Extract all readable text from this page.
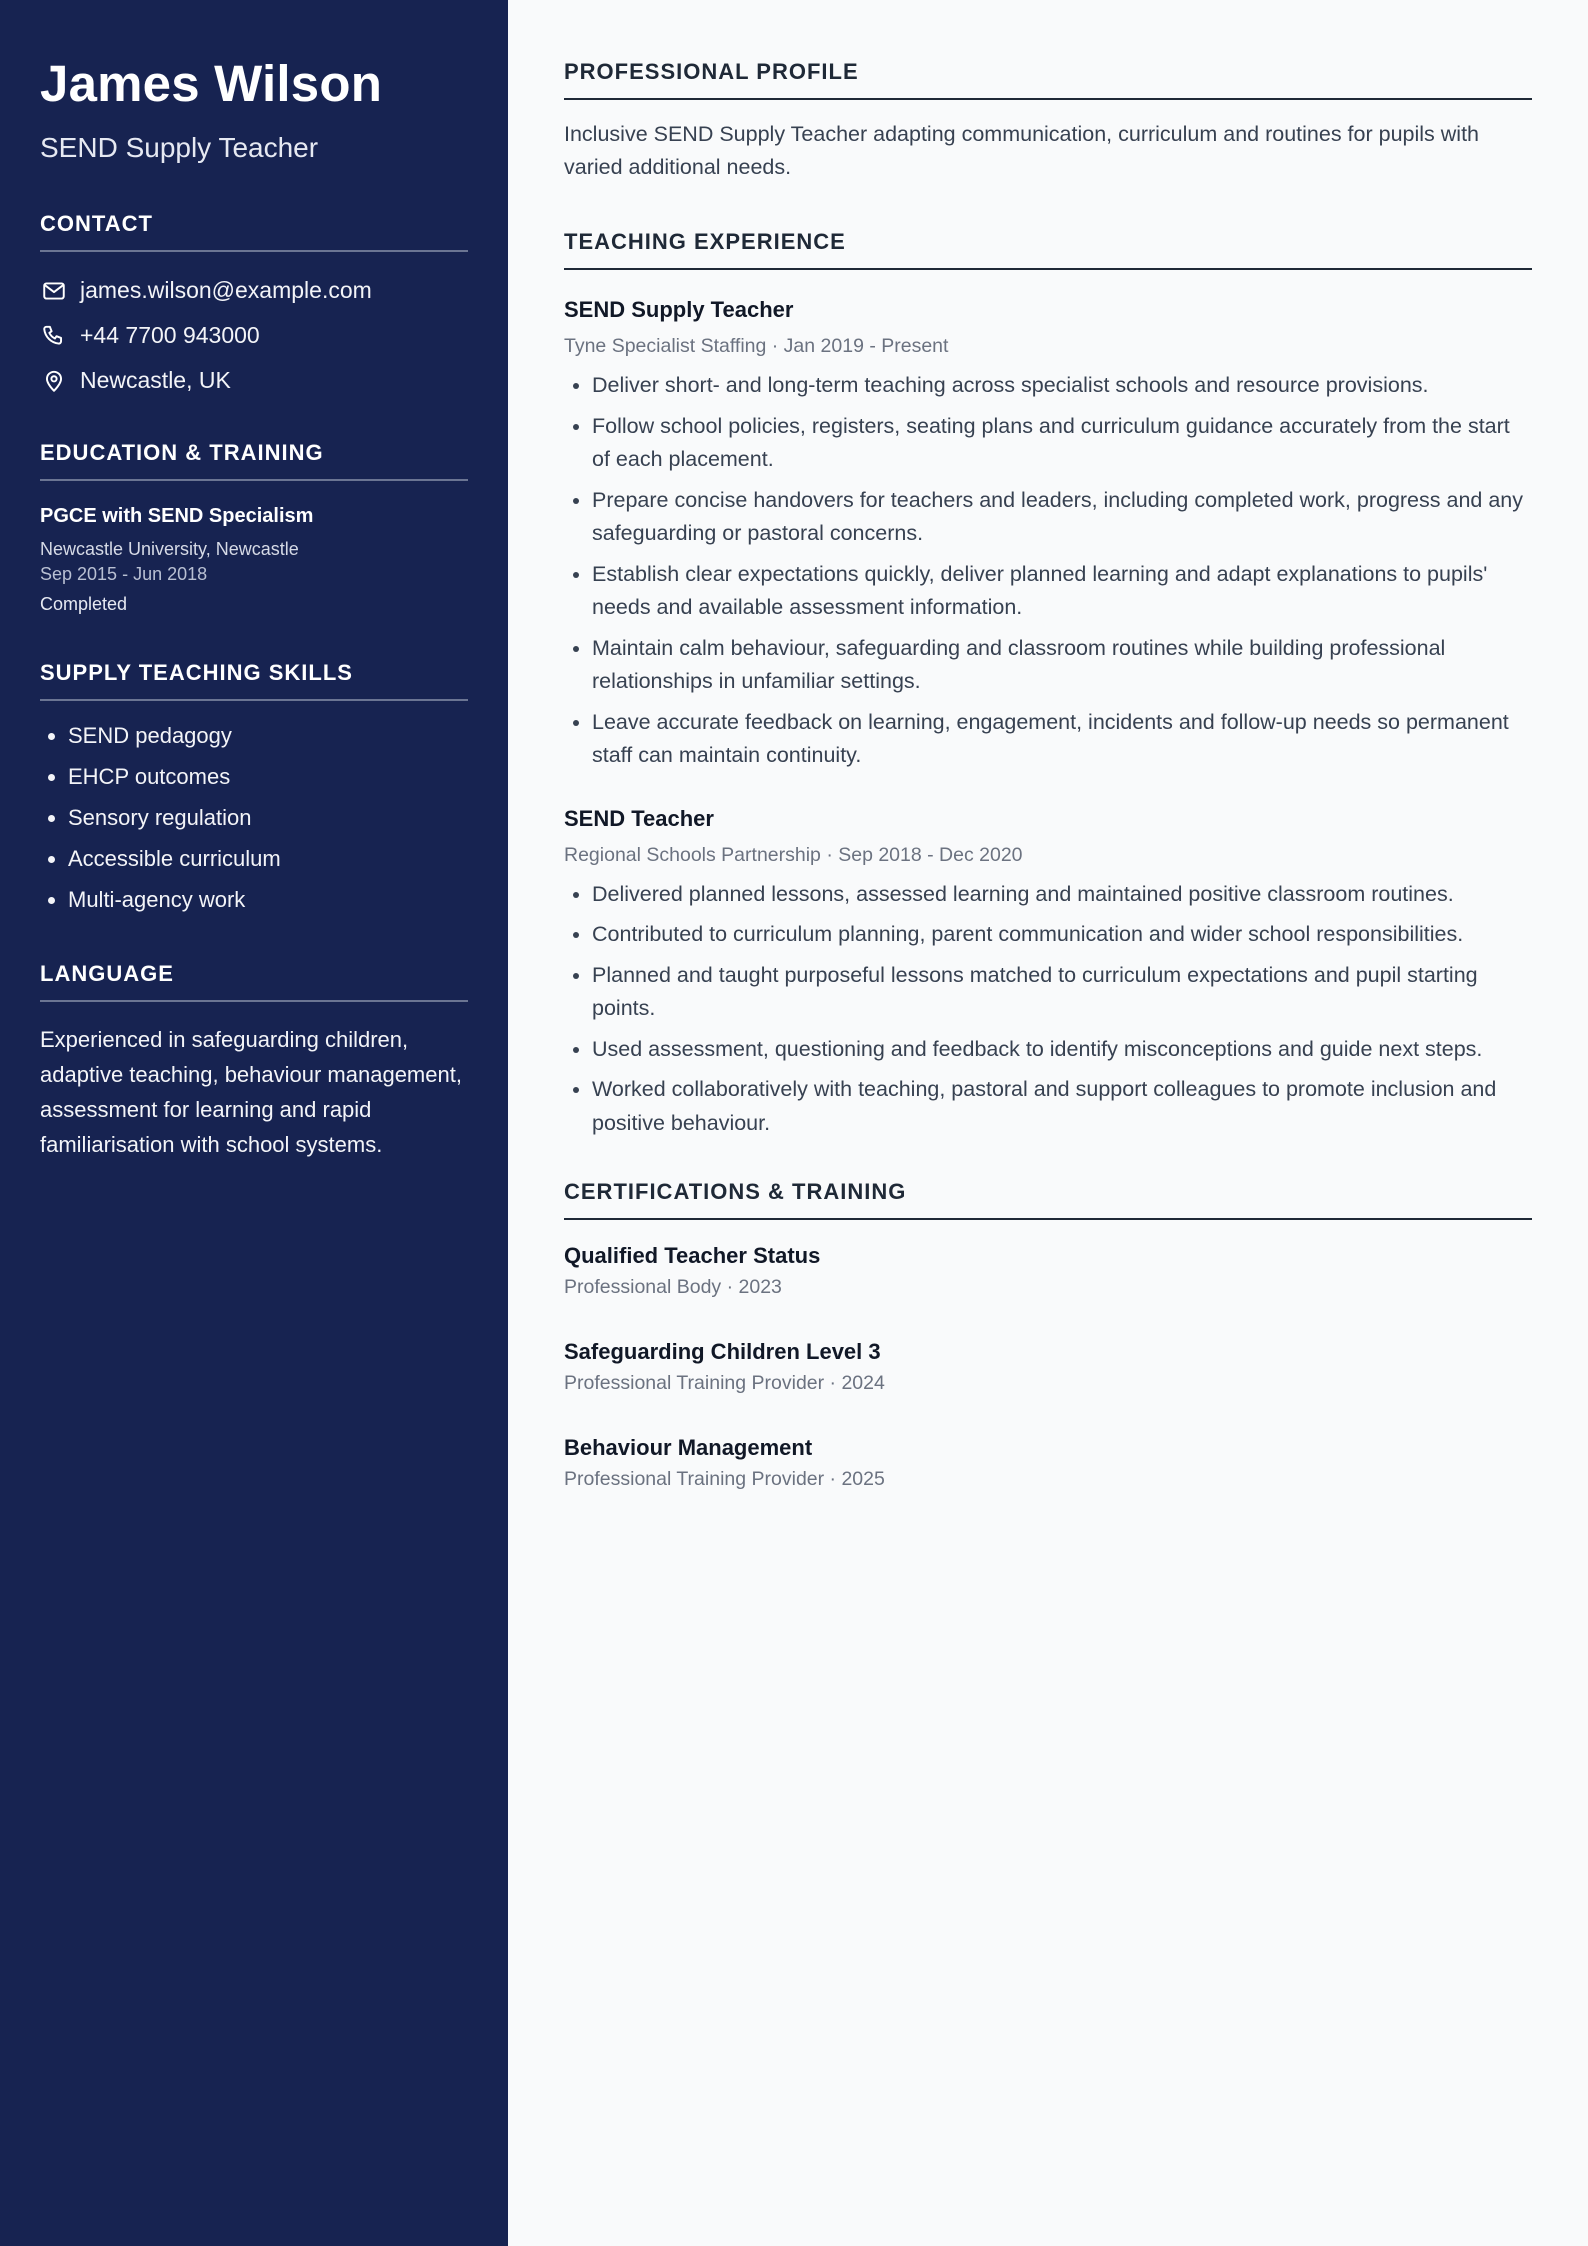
James Wilson
SEND Supply Teacher
CONTACT
james.wilson@example.com
+44 7700 943000
Newcastle, UK
EDUCATION & TRAINING
PGCE with SEND Specialism
Newcastle University, Newcastle
Sep 2015 - Jun 2018
Completed
SUPPLY TEACHING SKILLS
• SEND pedagogy
• EHCP outcomes
• Sensory regulation
• Accessible curriculum
• Multi-agency work
LANGUAGE
Experienced in safeguarding children, adaptive teaching, behaviour management, assessment for learning and rapid familiarisation with school systems.
PROFESSIONAL PROFILE
Inclusive SEND Supply Teacher adapting communication, curriculum and routines for pupils with varied additional needs.
TEACHING EXPERIENCE
SEND Supply Teacher
Tyne Specialist Staffing · Jan 2019 - Present
• Deliver short- and long-term teaching across specialist schools and resource provisions.
• Follow school policies, registers, seating plans and curriculum guidance accurately from the start of each placement.
• Prepare concise handovers for teachers and leaders, including completed work, progress and any safeguarding or pastoral concerns.
• Establish clear expectations quickly, deliver planned learning and adapt explanations to pupils' needs and available assessment information.
• Maintain calm behaviour, safeguarding and classroom routines while building professional relationships in unfamiliar settings.
• Leave accurate feedback on learning, engagement, incidents and follow-up needs so permanent staff can maintain continuity.
SEND Teacher
Regional Schools Partnership · Sep 2018 - Dec 2020
• Delivered planned lessons, assessed learning and maintained positive classroom routines.
• Contributed to curriculum planning, parent communication and wider school responsibilities.
• Planned and taught purposeful lessons matched to curriculum expectations and pupil starting points.
• Used assessment, questioning and feedback to identify misconceptions and guide next steps.
• Worked collaboratively with teaching, pastoral and support colleagues to promote inclusion and positive behaviour.
CERTIFICATIONS & TRAINING
Qualified Teacher Status
Professional Body · 2023
Safeguarding Children Level 3
Professional Training Provider · 2024
Behaviour Management
Professional Training Provider · 2025
